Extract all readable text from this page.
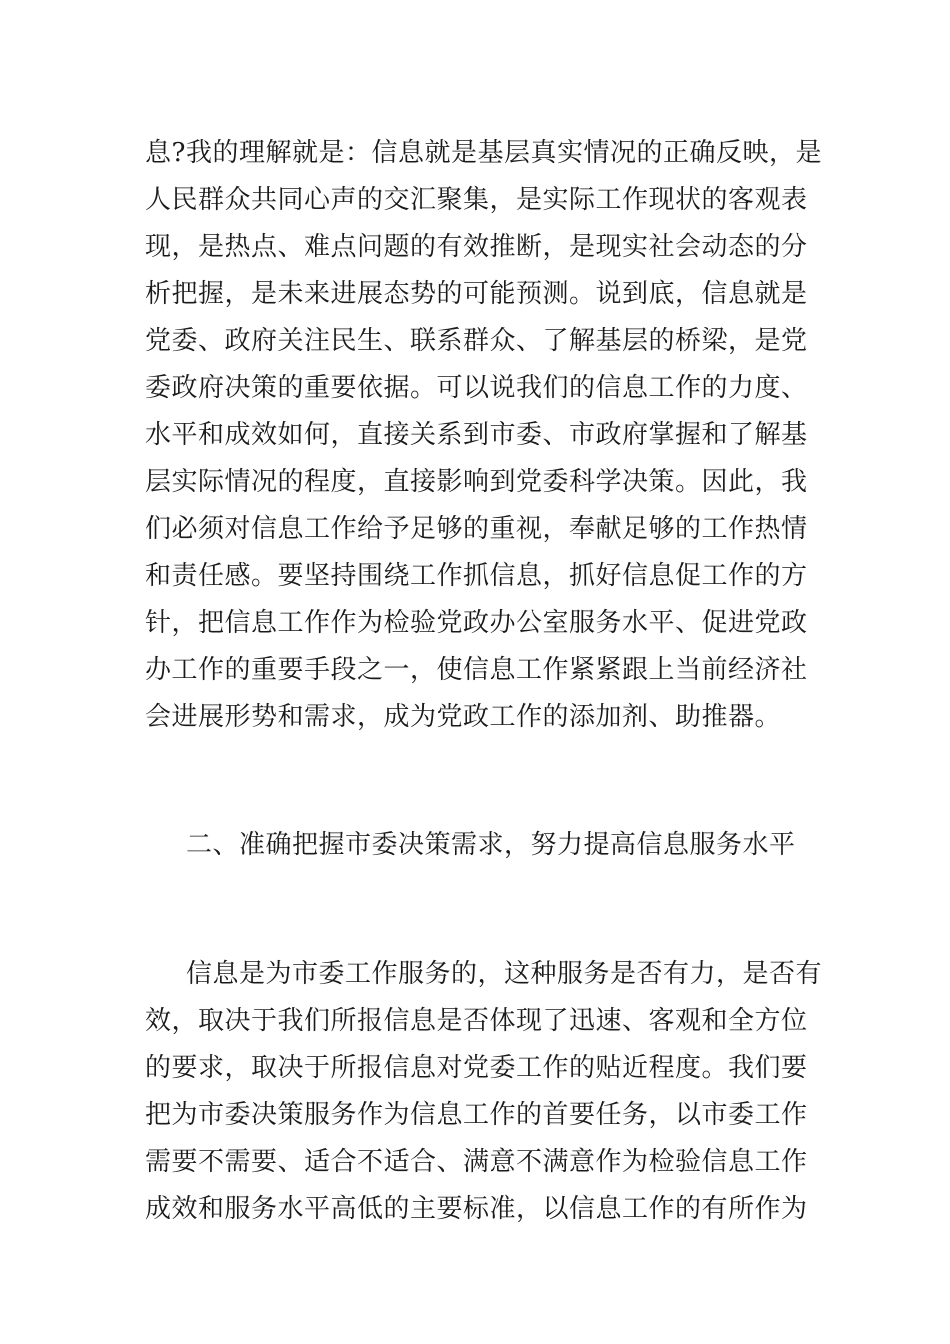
息?我的理解就是：信息就是基层真实情况的正确反映，是
人民群众共同心声的交汇聚集，是实际工作现状的客观表
现，是热点、难点问题的有效推断，是现实社会动态的分
析把握，是未来进展态势的可能预测。说到底，信息就是
党委、政府关注民生、联系群众、了解基层的桥梁，是党
委政府决策的重要依据。可以说我们的信息工作的力度、
水平和成效如何，直接关系到市委、市政府掌握和了解基
层实际情况的程度，直接影响到党委科学决策。因此，我
们必须对信息工作给予足够的重视，奉献足够的工作热情
和责任感。要坚持围绕工作抓信息，抓好信息促工作的方
针，把信息工作作为检验党政办公室服务水平、促进党政
办工作的重要手段之一，使信息工作紧紧跟上当前经济社
会进展形势和需求，成为党政工作的添加剂、助推器。
二、准确把握市委决策需求，努力提高信息服务水平
信息是为市委工作服务的，这种服务是否有力，是否有
效，取决于我们所报信息是否体现了迅速、客观和全方位
的要求，取决于所报信息对党委工作的贴近程度。我们要
把为市委决策服务作为信息工作的首要任务，以市委工作
需要不需要、适合不适合、满意不满意作为检验信息工作
成效和服务水平高低的主要标准，以信息工作的有所作为
